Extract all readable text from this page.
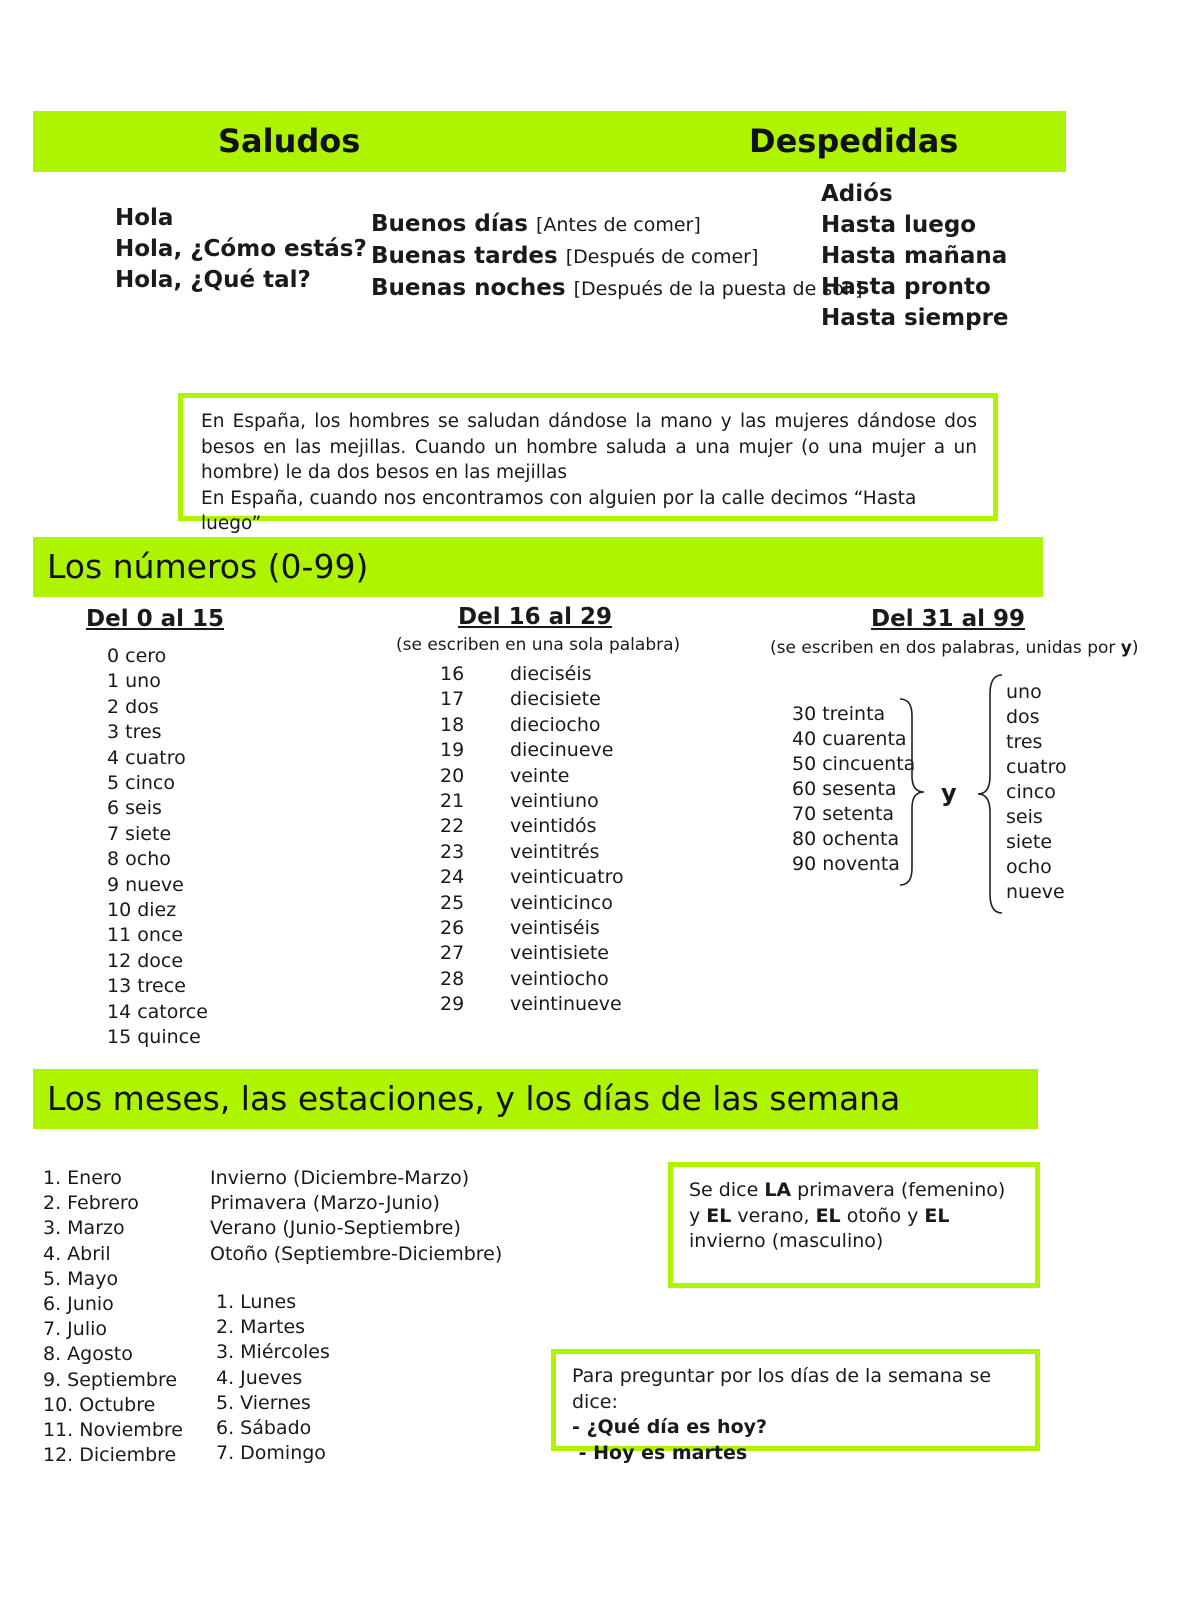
Saludos	Despedidas
Hola
Hola, ¿Cómo estás?
Hola, ¿Qué tal?
Buenos días [Antes de comer]
Buenas tardes [Después de comer]
Buenas noches [Después de la puesta de sol ]
Adiós
Hasta luego
Hasta mañana
Hasta pronto
Hasta siempre
En España, los hombres se saludan dándose la mano y las mujeres dándose dos besos en las mejillas. Cuando un hombre saluda a una mujer (o una mujer a un hombre) le da dos besos en las mejillas
En España, cuando nos encontramos con alguien por la calle decimos “Hasta luego”
Los números (0-99)
Del 0 al 15
0 cero
1 uno
2 dos
3 tres
4 cuatro
5 cinco
6 seis
7 siete
8 ocho
9 nueve
10 diez
11 once
12 doce
13 trece
14 catorce
15 quince
Del 16 al 29
(se escriben en una sola palabra)
16
17
18
19
20
21
22
23
24
25
26
27
28
29
dieciséis
diecisiete
dieciocho
diecinueve
veinte
veintiuno
veintidós
veintitrés
veinticuatro
veinticinco
veintiséis
veintisiete
veintiocho
veintinueve
Del 31 al 99
(se escriben en dos palabras, unidas por y)
30 treinta
40 cuarenta
50 cincuenta
60 sesenta
70 setenta
80 ochenta
90 noventa
y
uno
dos
tres
cuatro
cinco
seis
siete
ocho
nueve
Los meses, las estaciones, y los días de las semana
1. Enero
2. Febrero
3. Marzo
4. Abril
5. Mayo
6. Junio
7. Julio
8. Agosto
9. Septiembre
10. Octubre
11. Noviembre
12. Diciembre
Invierno (Diciembre-Marzo)
Primavera (Marzo-Junio)
Verano (Junio-Septiembre)
Otoño (Septiembre-Diciembre)
1. Lunes
2. Martes
3. Miércoles
4. Jueves
5. Viernes
6. Sábado
7. Domingo
Se dice LA primavera (femenino) y EL verano, EL otoño y EL invierno (masculino)
Para preguntar por los días de la semana se dice:
- ¿Qué día es hoy?
- Hoy es martes
